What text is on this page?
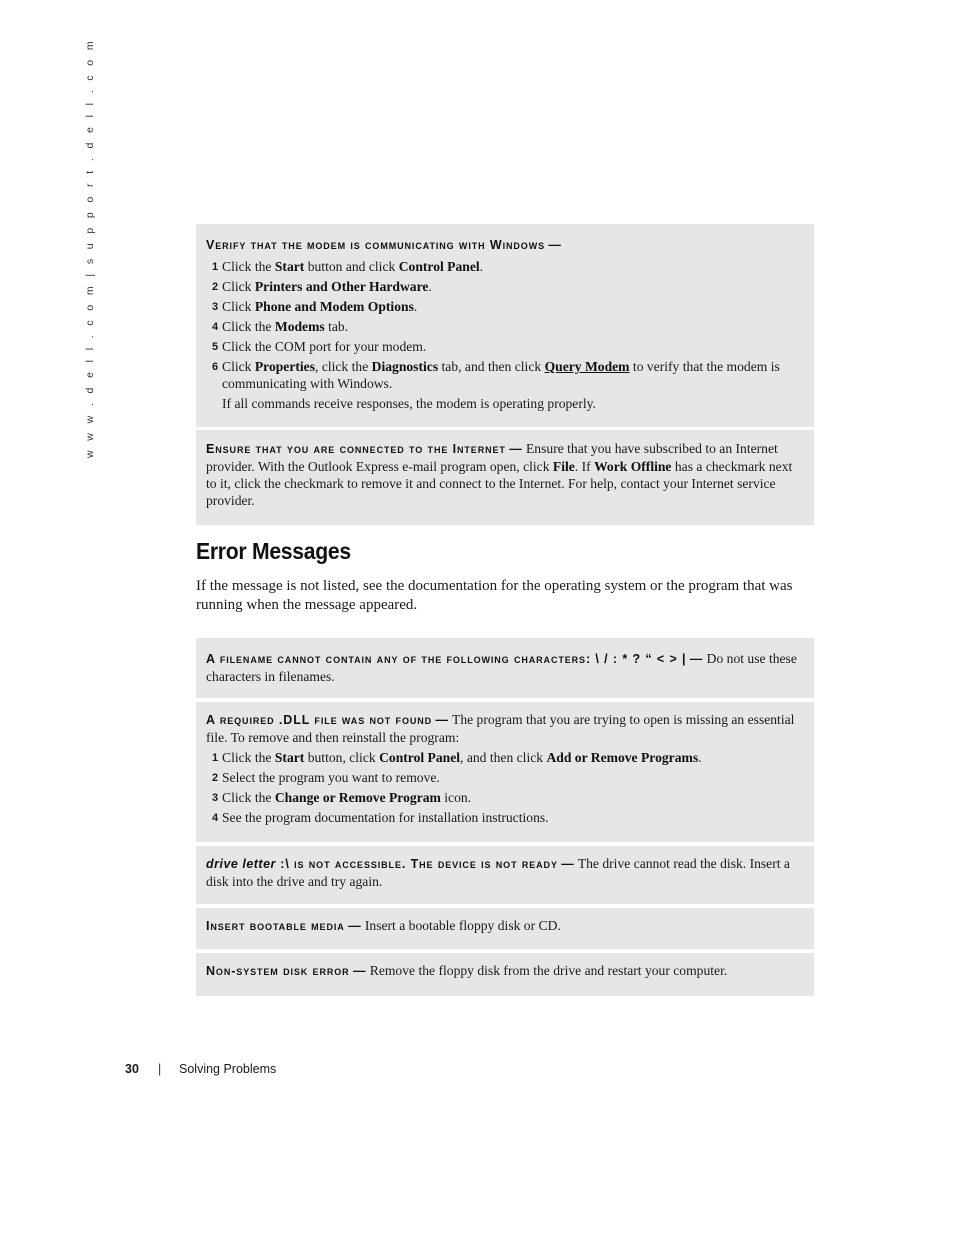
w w w . d e l l . c o m | s u p p o r t . d e l l . c o m	Verify that the modem is communicating with Windows —

1 Click the Start button and click Control Panel.
2 Click Printers and Other Hardware.
3 Click Phone and Modem Options.
4 Click the Modems tab.
5 Click the COM port for your modem.
6 Click Properties, click the Diagnostics tab, and then click Query Modem to verify that the modem is communicating with Windows.

If all commands receive responses, the modem is operating properly.

Ensure that you are connected to the Internet — Ensure that you have subscribed to an Internet provider. With the Outlook Express e-mail program open, click File. If Work Offline has a checkmark next to it, click the checkmark to remove it and connect to the Internet. For help, contact your Internet service provider.

Error Messages

If the message is not listed, see the documentation for the operating system or the program that was running when the message appeared.

A filename cannot contain any of the following characters: \ / : * ? “ < > | — Do not use these characters in filenames.

A required .DLL file was not found — The program that you are trying to open is missing an essential file. To remove and then reinstall the program:

1 Click the Start button, click Control Panel, and then click Add or Remove Programs.
2 Select the program you want to remove.
3 Click the Change or Remove Program icon.
4 See the program documentation for installation instructions.

drive letter :\ is not accessible. The device is not ready — The drive cannot read the disk. Insert a disk into the drive and try again.

Insert bootable media — Insert a bootable floppy disk or CD.

Non-system disk error — Remove the floppy disk from the drive and restart your computer.

30 | Solving Problems
